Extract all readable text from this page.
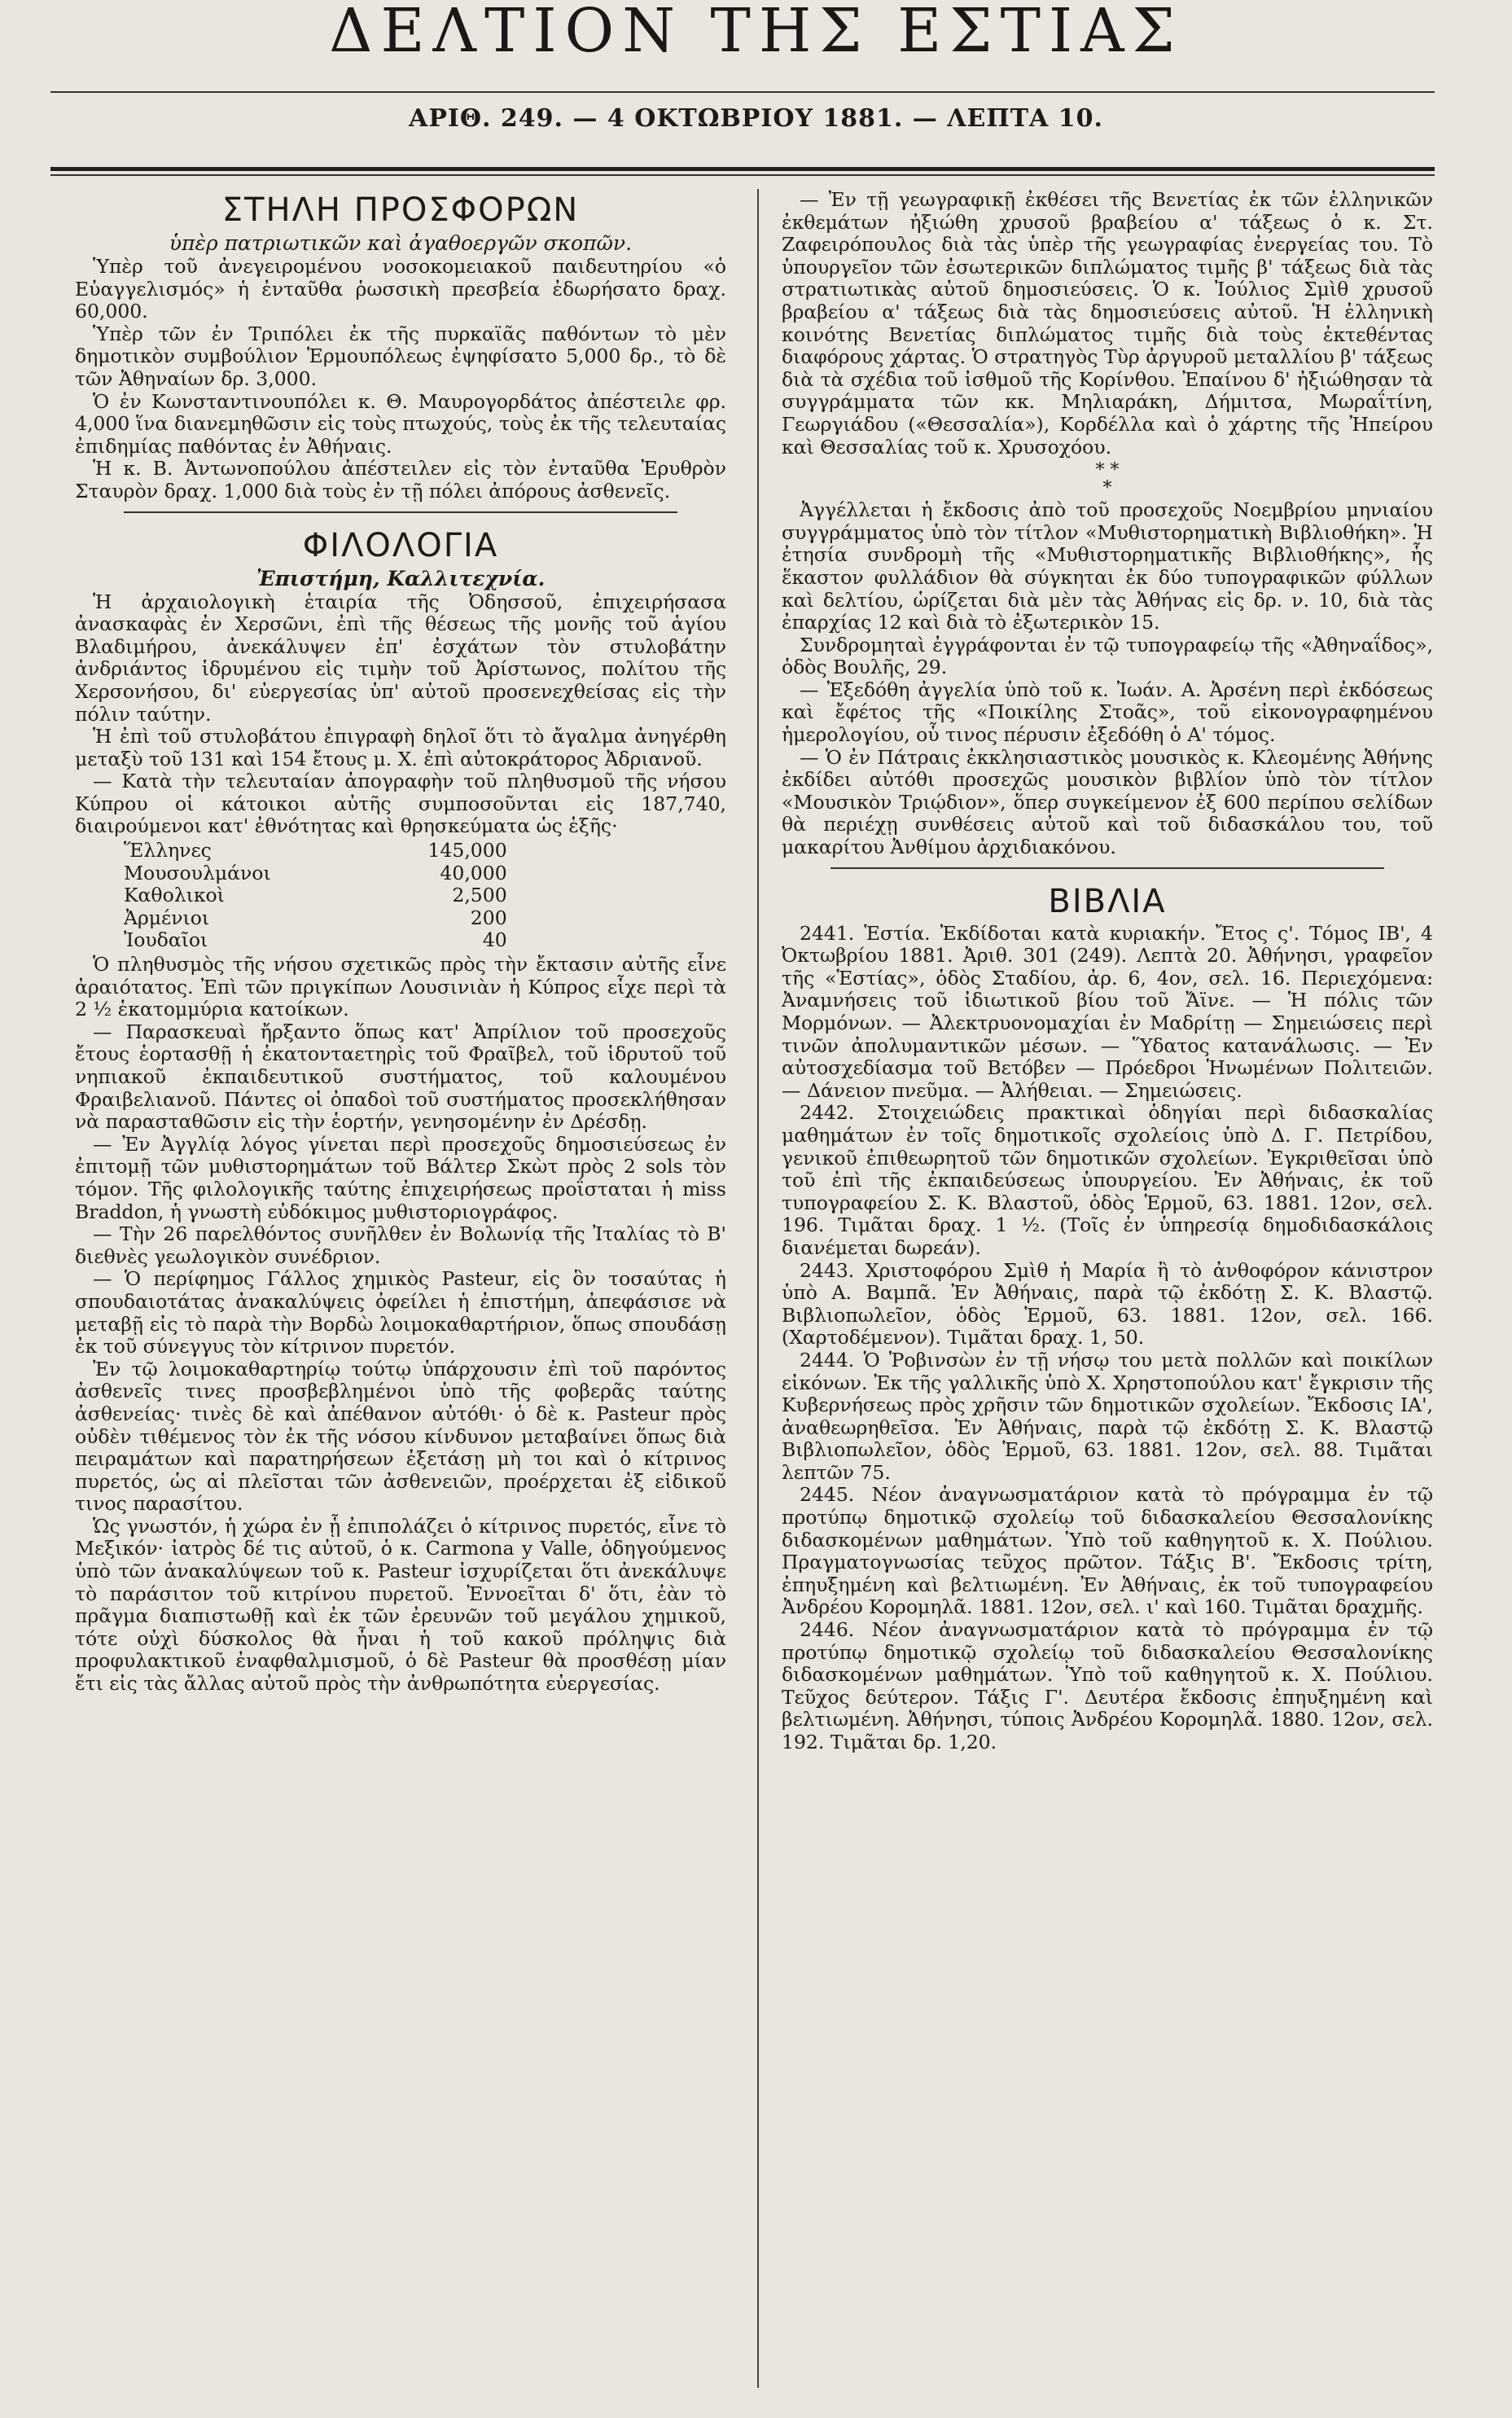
ΔΕΛΤΙΟΝ ΤΗΣ ΕΣΤΙΑΣ
ΑΡΙΘ. 249. — 4 ΟΚΤΩΒΡΙΟΥ 1881. — ΛΕΠΤΑ 10.
ΣΤΗΛΗ ΠΡΟΣΦΟΡΩΝ
ὑπὲρ πατριωτικῶν καὶ ἀγαθοεργῶν σκοπῶν.

Ὑπὲρ τοῦ ἀνεγειρομένου νοσοκομειακοῦ παιδευτηρίου «ὁ Εὐαγγελισμός» ἡ ἐνταῦθα ῥωσσικὴ πρεσβεία ἐδωρήσατο δραχ. 60,000.

Ὑπὲρ τῶν ἐν Τριπόλει ἐκ τῆς πυρκαϊᾶς παθόντων τὸ μὲν δημοτικὸν συμβούλιον Ἑρμουπόλεως ἐψηφίσατο 5,000 δρ., τὸ δὲ τῶν Ἀθηναίων δρ. 3,000.

Ὁ ἐν Κωνσταντινουπόλει κ. Θ. Μαυρογορδάτος ἀπέστειλε φρ. 4,000 ἵνα διανεμηθῶσιν εἰς τοὺς πτωχούς, τοὺς ἐκ τῆς τελευταίας ἐπιδημίας παθόντας ἐν Ἀθήναις.

Ἡ κ. Β. Ἀντωνοπούλου ἀπέστειλεν εἰς τὸν ἐνταῦθα Ἐρυθρὸν Σταυρὸν δραχ. 1,000 διὰ τοὺς ἐν τῇ πόλει ἀπόρους ἀσθενεῖς.

ΦΙΛΟΛΟΓΙΑ
Ἐπιστήμη, Καλλιτεχνία.

Ἡ ἀρχαιολογικὴ ἑταιρία τῆς Ὀδησσοῦ, ἐπιχειρήσασα ἀνασκαφὰς ἐν Χερσῶνι, ἐπὶ τῆς θέσεως τῆς μονῆς τοῦ ἁγίου Βλαδιμήρου, ἀνεκάλυψεν ἐπ' ἐσχάτων τὸν στυλοβάτην ἀνδριάντος ἱδρυμένου εἰς τιμὴν τοῦ Ἀρίστωνος, πολίτου τῆς Χερσονήσου, δι' εὐεργεσίας ὑπ' αὐτοῦ προσενεχθείσας εἰς τὴν πόλιν ταύτην.

Ἡ ἐπὶ τοῦ στυλοβάτου ἐπιγραφὴ δηλοῖ ὅτι τὸ ἄγαλμα ἀνηγέρθη μεταξὺ τοῦ 131 καὶ 154 ἔτους μ. Χ. ἐπὶ αὐτοκράτορος Ἀδριανοῦ.

— Κατὰ τὴν τελευταίαν ἀπογραφὴν τοῦ πληθυσμοῦ τῆς νήσου Κύπρου οἱ κάτοικοι αὐτῆς συμποσοῦνται εἰς 187,740, διαιρούμενοι κατ' ἐθνότητας καὶ θρησκεύματα ὡς ἑξῆς·

Ἕλληνες	145,000
Μουσουλμάνοι	40,000
Καθολικοὶ	2,500
Ἀρμένιοι	200
Ἰουδαῖοι	40

Ὁ πληθυσμὸς τῆς νήσου σχετικῶς πρὸς τὴν ἔκτασιν αὐτῆς εἶνε ἀραιότατος. Ἐπὶ τῶν πριγκίπων Λουσινιὰν ἡ Κύπρος εἶχε περὶ τὰ 2 ½ ἑκατομμύρια κατοίκων.

— Παρασκευαὶ ἤρξαντο ὅπως κατ' Ἀπρίλιον τοῦ προσεχοῦς ἔτους ἑορτασθῇ ἡ ἑκατονταετηρὶς τοῦ Φραῖβελ, τοῦ ἱδρυτοῦ τοῦ νηπιακοῦ ἐκπαιδευτικοῦ συστήματος, τοῦ καλουμένου Φραιβελιανοῦ. Πάντες οἱ ὀπαδοὶ τοῦ συστήματος προσεκλήθησαν νὰ παρασταθῶσιν εἰς τὴν ἑορτήν, γενησομένην ἐν Δρέσδῃ.

— Ἐν Ἀγγλίᾳ λόγος γίνεται περὶ προσεχοῦς δημοσιεύσεως ἐν ἐπιτομῇ τῶν μυθιστορημάτων τοῦ Βάλτερ Σκὼτ πρὸς 2 sols τὸν τόμον. Τῆς φιλολογικῆς ταύτης ἐπιχειρήσεως προΐσταται ἡ miss Braddon, ἡ γνωστὴ εὐδόκιμος μυθιστοριογράφος.

— Τὴν 26 παρελθόντος συνῆλθεν ἐν Βολωνίᾳ τῆς Ἰταλίας τὸ Β' διεθνὲς γεωλογικὸν συνέδριον.

— Ὁ περίφημος Γάλλος χημικὸς Pasteur, εἰς ὃν τοσαύτας ἡ σπουδαιοτάτας ἀνακαλύψεις ὀφείλει ἡ ἐπιστήμη, ἀπεφάσισε νὰ μεταβῇ εἰς τὸ παρὰ τὴν Βορδὼ λοιμοκαθαρτήριον, ὅπως σπουδάσῃ ἐκ τοῦ σύνεγγυς τὸν κίτρινον πυρετόν.

Ἐν τῷ λοιμοκαθαρτηρίῳ τούτῳ ὑπάρχουσιν ἐπὶ τοῦ παρόντος ἀσθενεῖς τινες προσβεβλημένοι ὑπὸ τῆς φοβερᾶς ταύτης ἀσθενείας· τινὲς δὲ καὶ ἀπέθανον αὐτόθι· ὁ δὲ κ. Pasteur πρὸς οὐδὲν τιθέμενος τὸν ἐκ τῆς νόσου κίνδυνον μεταβαίνει ὅπως διὰ πειραμάτων καὶ παρατηρήσεων ἐξετάσῃ μὴ τοι καὶ ὁ κίτρινος πυρετός, ὡς αἱ πλεῖσται τῶν ἀσθενειῶν, προέρχεται ἐξ εἰδικοῦ τινος παρασίτου.

Ὡς γνωστόν, ἡ χώρα ἐν ᾗ ἐπιπολάζει ὁ κίτρινος πυρετός, εἶνε τὸ Μεξικόν· ἰατρὸς δέ τις αὐτοῦ, ὁ κ. Carmona y Valle, ὁδηγούμενος ὑπὸ τῶν ἀνακαλύψεων τοῦ κ. Pasteur ἰσχυρίζεται ὅτι ἀνεκάλυψε τὸ παράσιτον τοῦ κιτρίνου πυρετοῦ. Ἐννοεῖται δ' ὅτι, ἐὰν τὸ πρᾶγμα διαπιστωθῇ καὶ ἐκ τῶν ἐρευνῶν τοῦ μεγάλου χημικοῦ, τότε οὐχὶ δύσκολος θὰ ἦναι ἡ τοῦ κακοῦ πρόληψις διὰ προφυλακτικοῦ ἐναφθαλμισμοῦ, ὁ δὲ Pasteur θὰ προσθέσῃ μίαν ἔτι εἰς τὰς ἄλλας αὐτοῦ πρὸς τὴν ἀνθρωπότητα εὐεργεσίας.

— Ἐν τῇ γεωγραφικῇ ἐκθέσει τῆς Βενετίας ἐκ τῶν ἑλληνικῶν ἐκθεμάτων ἠξιώθη χρυσοῦ βραβείου α' τάξεως ὁ κ. Στ. Ζαφειρόπουλος διὰ τὰς ὑπὲρ τῆς γεωγραφίας ἐνεργείας του. Τὸ ὑπουργεῖον τῶν ἐσωτερικῶν διπλώματος τιμῆς β' τάξεως διὰ τὰς στρατιωτικὰς αὐτοῦ δημοσιεύσεις. Ὁ κ. Ἰούλιος Σμὶθ χρυσοῦ βραβείου α' τάξεως διὰ τὰς δημοσιεύσεις αὐτοῦ. Ἡ ἑλληνικὴ κοινότης Βενετίας διπλώματος τιμῆς διὰ τοὺς ἐκτεθέντας διαφόρους χάρτας. Ὁ στρατηγὸς Τὺρ ἀργυροῦ μεταλλίου β' τάξεως διὰ τὰ σχέδια τοῦ ἰσθμοῦ τῆς Κορίνθου. Ἐπαίνου δ' ἠξιώθησαν τὰ συγγράμματα τῶν κκ. Μηλιαράκη, Δήμιτσα, Μωραΐτίνη, Γεωργιάδου («Θεσσαλία»), Κορδέλλα καὶ ὁ χάρτης τῆς Ἠπείρου καὶ Θεσσαλίας τοῦ κ. Χρυσοχόου.

* *
*

Ἀγγέλλεται ἡ ἔκδοσις ἀπὸ τοῦ προσεχοῦς Νοεμβρίου μηνιαίου συγγράμματος ὑπὸ τὸν τίτλον «Μυθιστορηματικὴ Βιβλιοθήκη». Ἡ ἐτησία συνδρομὴ τῆς «Μυθιστορηματικῆς Βιβλιοθήκης», ἧς ἕκαστον φυλλάδιον θὰ σύγκηται ἐκ δύο τυπογραφικῶν φύλλων καὶ δελτίου, ὡρίζεται διὰ μὲν τὰς Ἀθήνας εἰς δρ. ν. 10, διὰ τὰς ἐπαρχίας 12 καὶ διὰ τὸ ἐξωτερικὸν 15.

Συνδρομηταὶ ἐγγράφονται ἐν τῷ τυπογραφείῳ τῆς «Ἀθηναΐδος», ὁδὸς Βουλῆς, 29.

— Ἐξεδόθη ἀγγελία ὑπὸ τοῦ κ. Ἰωάν. Α. Ἀρσένη περὶ ἐκδόσεως καὶ ἔφέτος τῆς «Ποικίλης Στοᾶς», τοῦ εἰκονογραφημένου ἡμερολογίου, οὗ τινος πέρυσιν ἐξεδόθη ὁ Α' τόμος.

— Ὁ ἐν Πάτραις ἐκκλησιαστικὸς μουσικὸς κ. Κλεομένης Ἀθήνης ἐκδίδει αὐτόθι προσεχῶς μουσικὸν βιβλίον ὑπὸ τὸν τίτλον «Μουσικὸν Τριῴδιον», ὅπερ συγκείμενον ἐξ 600 περίπου σελίδων θὰ περιέχῃ συνθέσεις αὐτοῦ καὶ τοῦ διδασκάλου του, τοῦ μακαρίτου Ἀνθίμου ἀρχιδιακόνου.

ΒΙΒΛΙΑ

2441. Ἑστία. Ἐκδίδοται κατὰ κυριακήν. Ἔτος ς'. Τόμος ΙΒ', 4 Ὀκτωβρίου 1881. Ἀριθ. 301 (249). Λεπτὰ 20. Ἀθήνησι, γραφεῖον τῆς «Ἑστίας», ὁδὸς Σταδίου, ἀρ. 6, 4ον, σελ. 16. Περιεχόμενα: Ἀναμνήσεις τοῦ ἰδιωτικοῦ βίου τοῦ Ἄϊνε. — Ἡ πόλις τῶν Μορμόνων. — Ἀλεκτρυονομαχίαι ἐν Μαδρίτῃ — Σημειώσεις περὶ τινῶν ἀπολυμαντικῶν μέσων. — Ὕδατος κατανάλωσις. — Ἐν αὐτοσχεδίασμα τοῦ Βετόβεν — Πρόεδροι Ἡνωμένων Πολιτειῶν. — Δάνειον πνεῦμα. — Ἀλήθειαι. — Σημειώσεις.

2442. Στοιχειώδεις πρακτικαὶ ὁδηγίαι περὶ διδασκαλίας μαθημάτων ἐν τοῖς δημοτικοῖς σχολείοις ὑπὸ Δ. Γ. Πετρίδου, γενικοῦ ἐπιθεωρητοῦ τῶν δημοτικῶν σχολείων. Ἐγκριθεῖσαι ὑπὸ τοῦ ἐπὶ τῆς ἐκπαιδεύσεως ὑπουργείου. Ἐν Ἀθήναις, ἐκ τοῦ τυπογραφείου Σ. Κ. Βλαστοῦ, ὁδὸς Ἑρμοῦ, 63. 1881. 12ον, σελ. 196. Τιμᾶται δραχ. 1 ½. (Τοῖς ἐν ὑπηρεσίᾳ δημοδιδασκάλοις διανέμεται δωρεάν).

2443. Χριστοφόρου Σμὶθ ἡ Μαρία ἢ τὸ ἀνθοφόρον κάνιστρον ὑπὸ Α. Βαμπᾶ. Ἐν Ἀθήναις, παρὰ τῷ ἐκδότῃ Σ. Κ. Βλαστῷ. Βιβλιοπωλεῖον, ὁδὸς Ἑρμοῦ, 63. 1881. 12ον, σελ. 166. (Χαρτοδέμενον). Τιμᾶται δραχ. 1, 50.

2444. Ὁ Ῥοβινσὼν ἐν τῇ νήσῳ του μετὰ πολλῶν καὶ ποικίλων εἰκόνων. Ἐκ τῆς γαλλικῆς ὑπὸ Χ. Χρηστοπούλου κατ' ἔγκρισιν τῆς Κυβερνήσεως πρὸς χρῆσιν τῶν δημοτικῶν σχολείων. Ἔκδοσις ΙΑ', ἀναθεωρηθεῖσα. Ἐν Ἀθήναις, παρὰ τῷ ἐκδότῃ Σ. Κ. Βλαστῷ Βιβλιοπωλεῖον, ὁδὸς Ἑρμοῦ, 63. 1881. 12ον, σελ. 88. Τιμᾶται λεπτῶν 75.

2445. Νέον ἀναγνωσματάριον κατὰ τὸ πρόγραμμα ἐν τῷ προτύπῳ δημοτικῷ σχολείῳ τοῦ διδασκαλείου Θεσσαλονίκης διδασκομένων μαθημάτων. Ὑπὸ τοῦ καθηγητοῦ κ. Χ. Πούλιου. Πραγματογνωσίας τεῦχος πρῶτον. Τάξις Β'. Ἔκδοσις τρίτη, ἐπηυξημένη καὶ βελτιωμένη. Ἐν Ἀθήναις, ἐκ τοῦ τυπογραφείου Ἀνδρέου Κορομηλᾶ. 1881. 12ον, σελ. ι' καὶ 160. Τιμᾶται δραχμῆς.

2446. Νέον ἀναγνωσματάριον κατὰ τὸ πρόγραμμα ἐν τῷ προτύπῳ δημοτικῷ σχολείῳ τοῦ διδασκαλείου Θεσσαλονίκης διδασκομένων μαθημάτων. Ὑπὸ τοῦ καθηγητοῦ κ. Χ. Πούλιου. Τεῦχος δεύτερον. Τάξις Γ'. Δευτέρα ἔκδοσις ἐπηυξημένη καὶ βελτιωμένη. Ἀθήνησι, τύποις Ἀνδρέου Κορομηλᾶ. 1880. 12ον, σελ. 192. Τιμᾶται δρ. 1,20.
